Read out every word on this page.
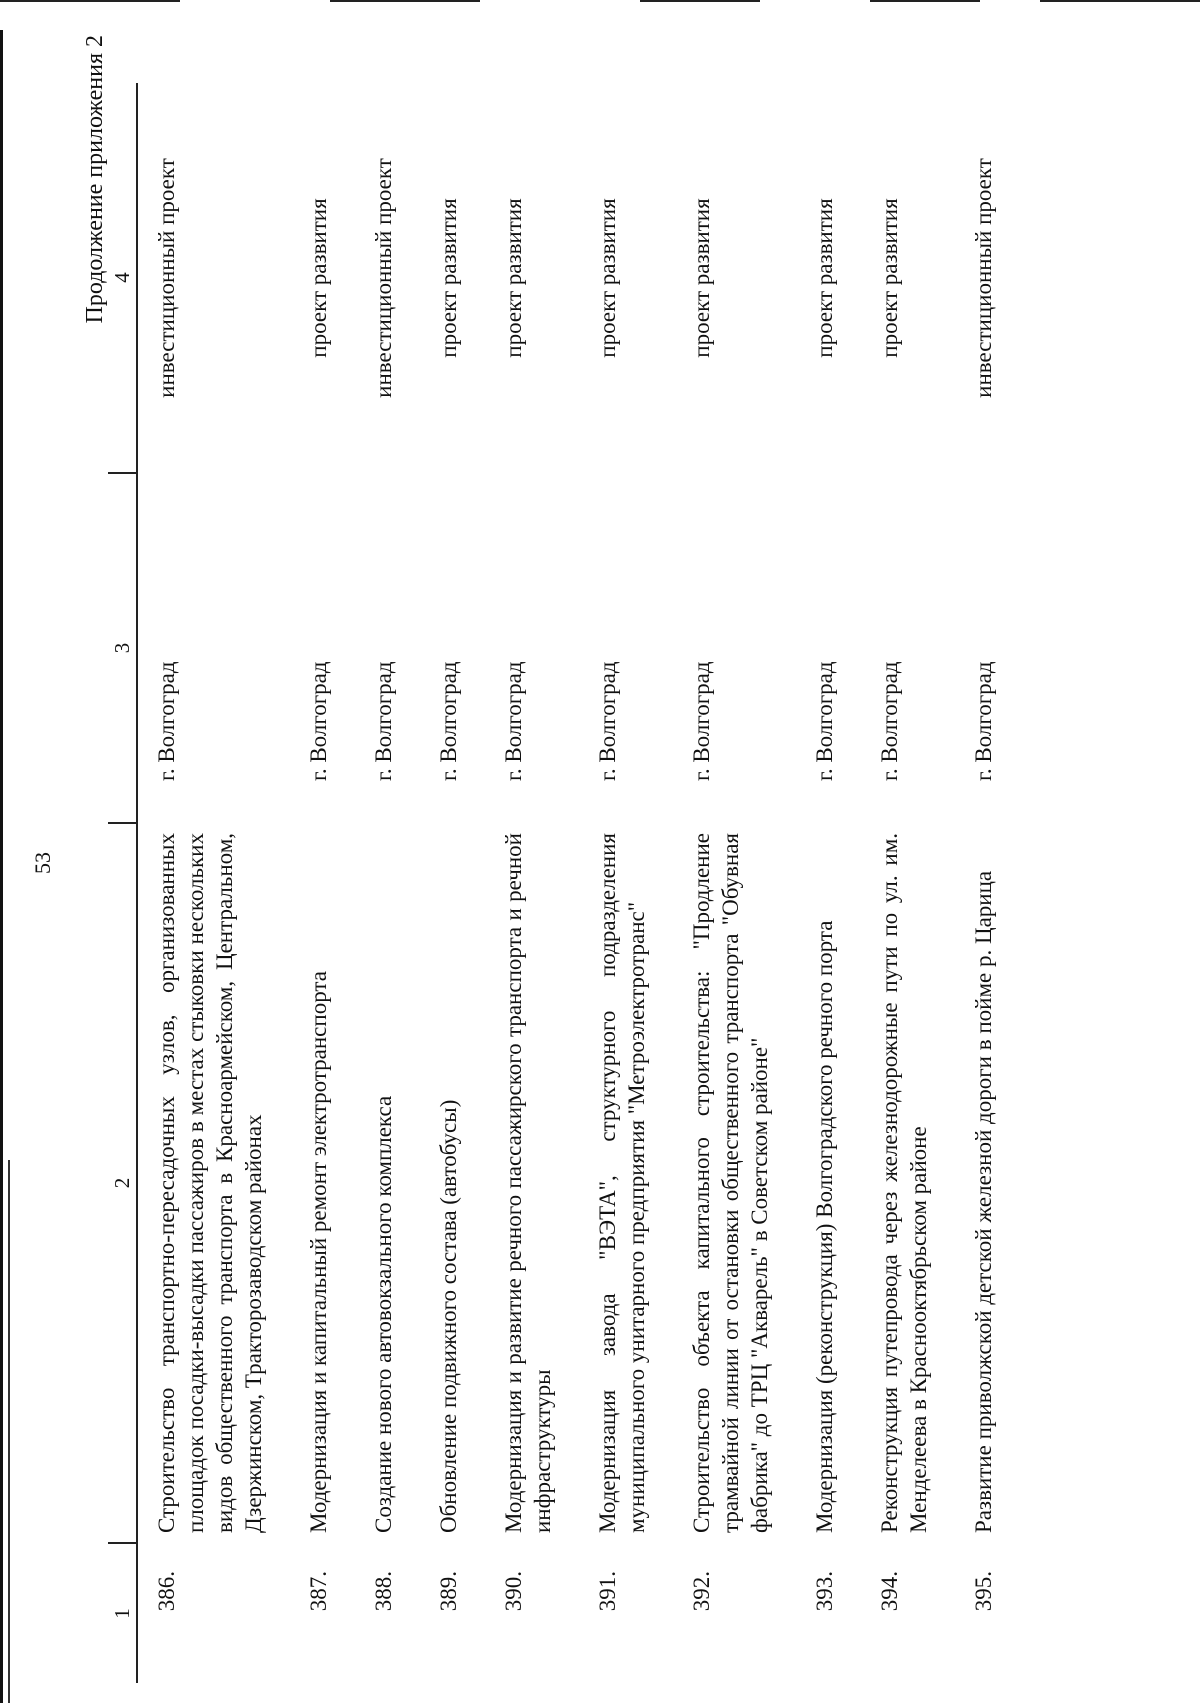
53
Продолжение приложения 2
1	2	3	4
386.	Строительство транспортно-пересадочных узлов, организованных площадок посадки-высадки пассажиров в местах стыковки нескольких видов общественного транспорта в Красноармейском, Центральном, Дзержинском, Тракторозаводском районах	г. Волгоград	инвестиционный проект
387.	Модернизация и капитальный ремонт электротранспорта	г. Волгоград	проект развития
388.	Создание нового автовокзального комплекса	г. Волгоград	инвестиционный проект
389.	Обновление подвижного состава (автобусы)	г. Волгоград	проект развития
390.	Модернизация и развитие речного пассажирского транспорта и речной инфраструктуры	г. Волгоград	проект развития
391.	Модернизация завода "ВЭТА", структурного подразделения муниципального унитарного предприятия "Метроэлектротранс"	г. Волгоград	проект развития
392.	Строительство объекта капитального строительства: "Продление трамвайной линии от остановки общественного транспорта "Обувная фабрика" до ТРЦ "Акварель" в Советском районе"	г. Волгоград	проект развития
393.	Модернизация (реконструкция) Волгоградского речного порта	г. Волгоград	проект развития
394.	Реконструкция путепровода через железнодорожные пути по ул. им. Менделеева в Краснооктябрьском районе	г. Волгоград	проект развития
395.	Развитие приволжской детской железной дороги в пойме р. Царица	г. Волгоград	инвестиционный проект
